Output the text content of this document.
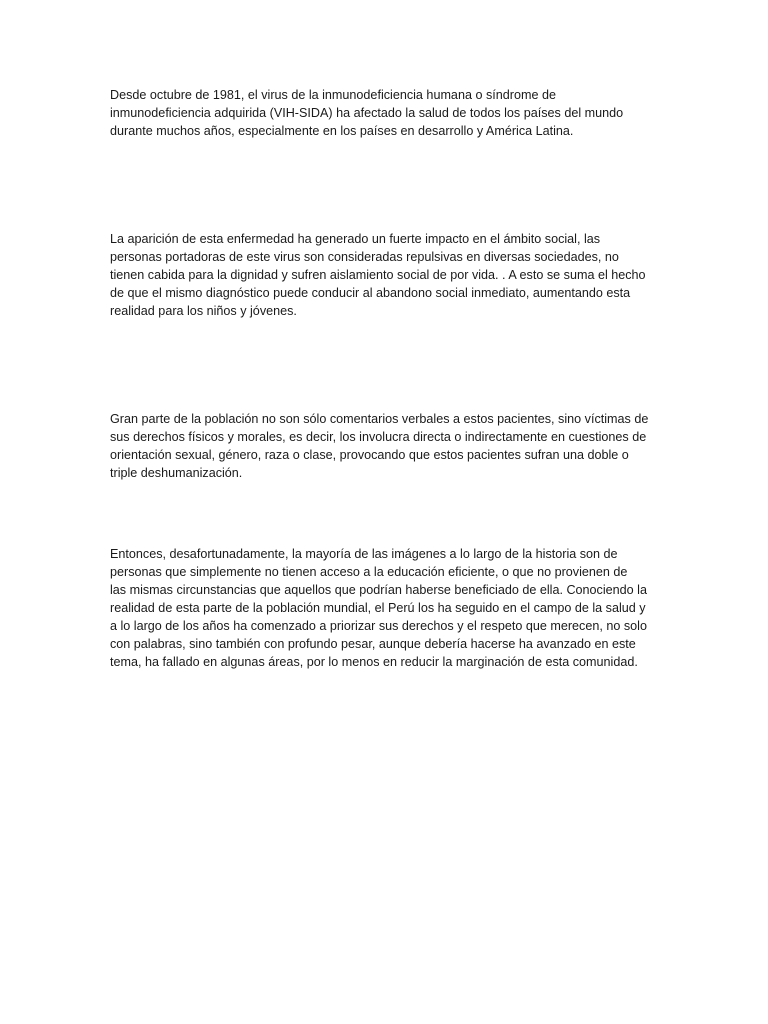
Desde octubre de 1981, el virus de la inmunodeficiencia humana o síndrome de
inmunodeficiencia adquirida (VIH-SIDA) ha afectado la salud de todos los países del mundo
durante muchos años, especialmente en los países en desarrollo y América Latina.

La aparición de esta enfermedad ha generado un fuerte impacto en el ámbito social, las
personas portadoras de este virus son consideradas repulsivas en diversas sociedades, no
tienen cabida para la dignidad y sufren aislamiento social de por vida. . A esto se suma el hecho
de que el mismo diagnóstico puede conducir al abandono social inmediato, aumentando esta
realidad para los niños y jóvenes.

Gran parte de la población no son sólo comentarios verbales a estos pacientes, sino víctimas de
sus derechos físicos y morales, es decir, los involucra directa o indirectamente en cuestiones de
orientación sexual, género, raza o clase, provocando que estos pacientes sufran una doble o
triple deshumanización.

Entonces, desafortunadamente, la mayoría de las imágenes a lo largo de la historia son de
personas que simplemente no tienen acceso a la educación eficiente, o que no provienen de
las mismas circunstancias que aquellos que podrían haberse beneficiado de ella. Conociendo la
realidad de esta parte de la población mundial, el Perú los ha seguido en el campo de la salud y
a lo largo de los años ha comenzado a priorizar sus derechos y el respeto que merecen, no solo
con palabras, sino también con profundo pesar, aunque debería hacerse ha avanzado en este
tema, ha fallado en algunas áreas, por lo menos en reducir la marginación de esta comunidad.
